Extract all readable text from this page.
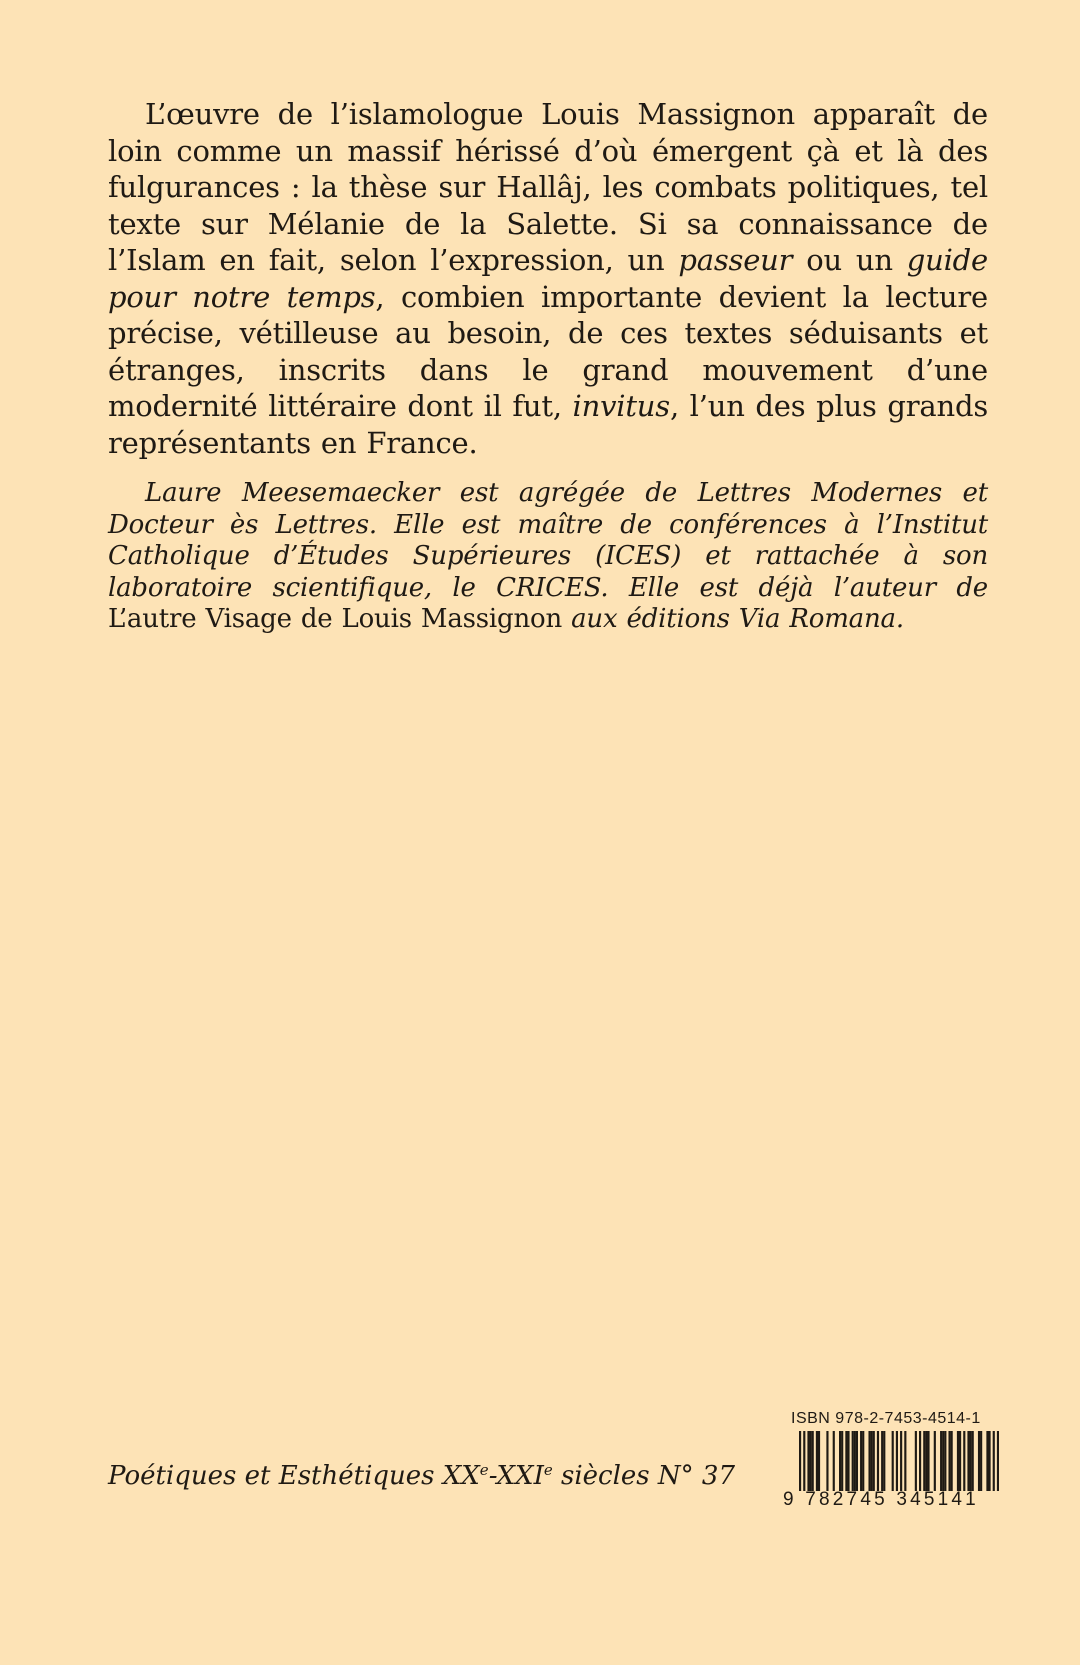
L’œuvre de l’islamologue Louis Massignon apparaît de loin comme un massif hérissé d’où émergent çà et là des fulgurances : la thèse sur Hallâj, les combats politiques, tel texte sur Mélanie de la Salette. Si sa connaissance de l’Islam en fait, selon l’expression, un passeur ou un guide pour notre temps, combien importante devient la lecture précise, vétilleuse au besoin, de ces textes séduisants et étranges, inscrits dans le grand mouvement d’une modernité littéraire dont il fut, invitus, l’un des plus grands représentants en France.

Laure Meesemaecker est agrégée de Lettres Modernes et Docteur ès Lettres. Elle est maître de conférences à l’Institut Catholique d’Études Supérieures (ICES) et rattachée à son laboratoire scientifique, le CRICES. Elle est déjà l’auteur de L’autre Visage de Louis Massignon aux éditions Via Romana.

Poétiques et Esthétiques XXe-XXIe siècles N° 37
ISBN 978-2-7453-4514-1
9 782745 345141
